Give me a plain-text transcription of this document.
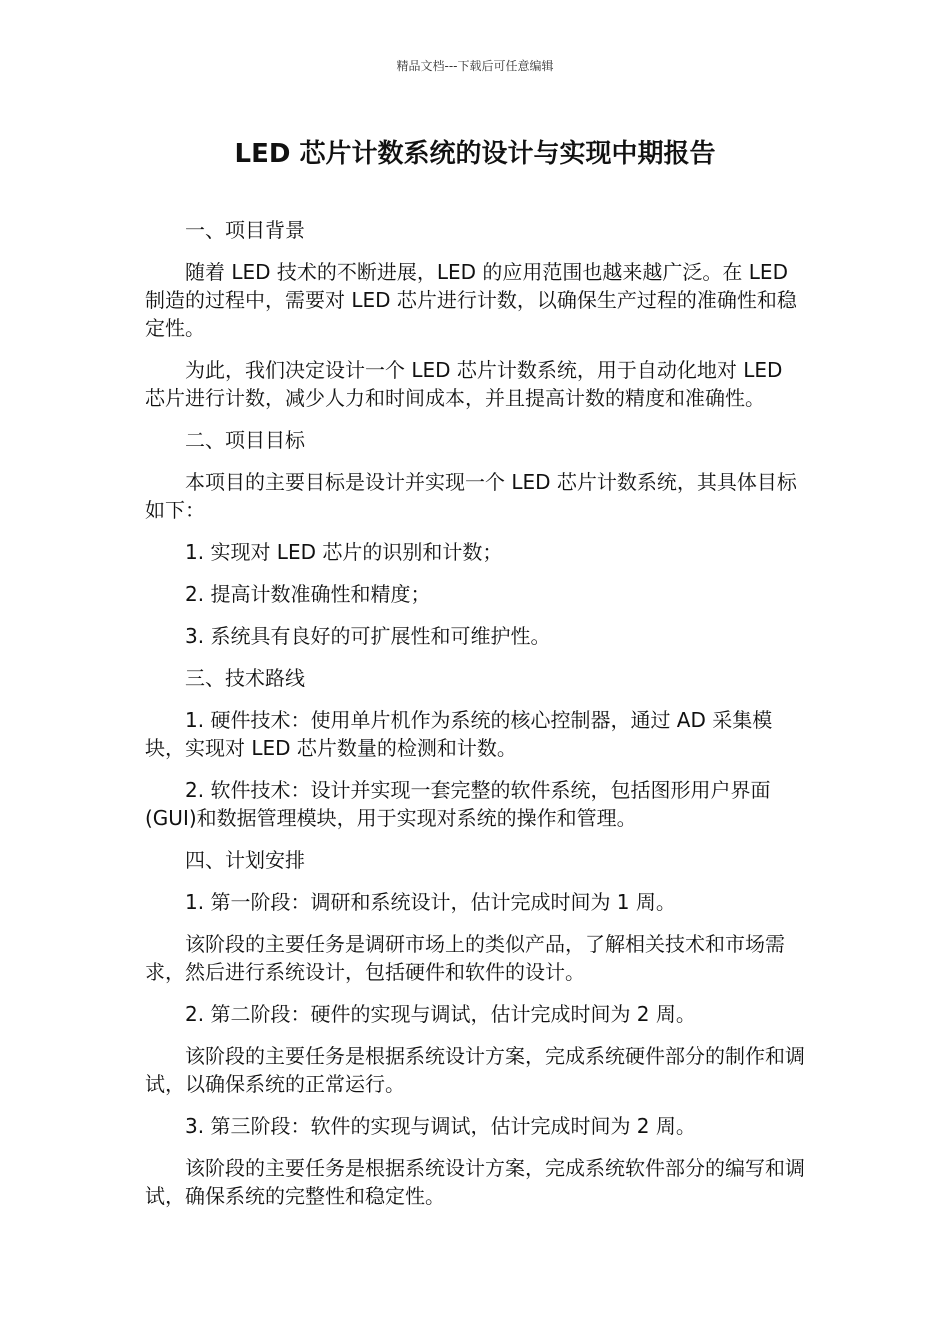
精品文档---下载后可任意编辑
LED 芯片计数系统的设计与实现中期报告

一、项目背景

随着 LED 技术的不断进展，LED 的应用范围也越来越广泛。在 LED 制造的过程中，需要对 LED 芯片进行计数，以确保生产过程的准确性和稳定性。

为此，我们决定设计一个 LED 芯片计数系统，用于自动化地对 LED 芯片进行计数，减少人力和时间成本，并且提高计数的精度和准确性。

二、项目目标

本项目的主要目标是设计并实现一个 LED 芯片计数系统，其具体目标如下：

1. 实现对 LED 芯片的识别和计数；

2. 提高计数准确性和精度；

3. 系统具有良好的可扩展性和可维护性。

三、技术路线

1. 硬件技术：使用单片机作为系统的核心控制器，通过 AD 采集模块，实现对 LED 芯片数量的检测和计数。

2. 软件技术：设计并实现一套完整的软件系统，包括图形用户界面(GUI)和数据管理模块，用于实现对系统的操作和管理。

四、计划安排

1. 第一阶段：调研和系统设计，估计完成时间为 1 周。

该阶段的主要任务是调研市场上的类似产品，了解相关技术和市场需求，然后进行系统设计，包括硬件和软件的设计。

2. 第二阶段：硬件的实现与调试，估计完成时间为 2 周。

该阶段的主要任务是根据系统设计方案，完成系统硬件部分的制作和调试，以确保系统的正常运行。

3. 第三阶段：软件的实现与调试，估计完成时间为 2 周。

该阶段的主要任务是根据系统设计方案，完成系统软件部分的编写和调试，确保系统的完整性和稳定性。
